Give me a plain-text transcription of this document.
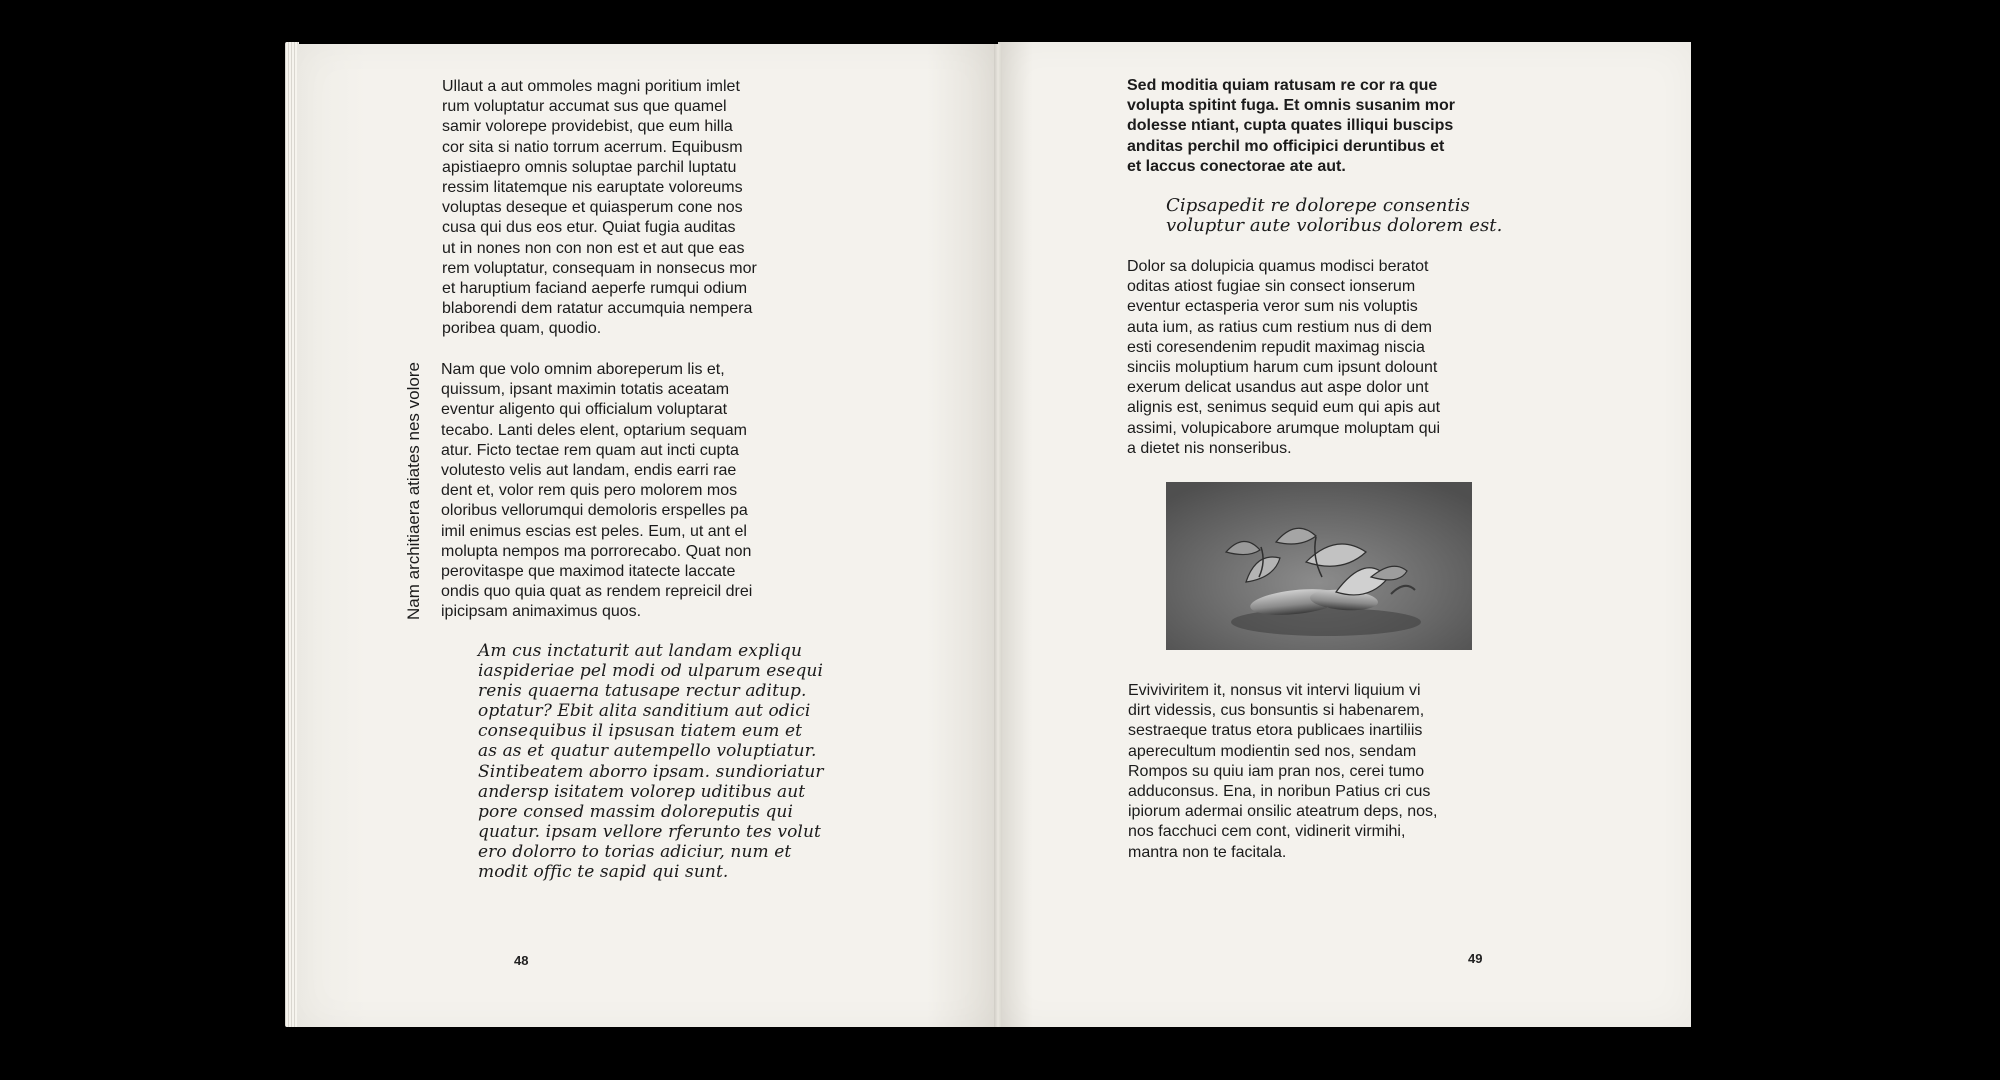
Ullaut a aut ommoles magni poritium imlet
rum voluptatur accumat sus que quamel
samir volorepe providebist, que eum hilla
cor sita si natio torrum acerrum. Equibusm
apistiaepro omnis soluptae parchil luptatu
ressim litatemque nis earuptate voloreums
voluptas deseque et quiasperum cone nos
cusa qui dus eos etur. Quiat fugia auditas
ut in nones non con non est et aut que eas
rem voluptatur, consequam in nonsecus mor
et haruptium faciand aeperfe rumqui odium
blaborendi dem ratatur accumquia nempera
poribea quam, quodio.

Nam que volo omnim aboreperum lis et,
quissum, ipsant maximin totatis aceatam
eventur aligento qui officialum voluptarat
tecabo. Lanti deles elent, optarium sequam
atur. Ficto tectae rem quam aut incti cupta
volutesto velis aut landam, endis earri rae
dent et, volor rem quis pero molorem mos
oloribus vellorumqui demoloris erspelles pa
imil enimus escias est peles. Eum, ut ant el
molupta nempos ma porrorecabo. Quat non
perovitaspe que maximod itatecte laccate
ondis quo quia quat as rendem repreicil drei
ipicipsam animaximus quos.

Nam architiaera atiates nes volore

Am cus inctaturit aut landam expliqu
iaspideriae pel modi od ulparum esequi
renis quaerna tatusape rectur aditup.
optatur? Ebit alita sanditium aut odici
consequibus il ipsusan tiatem eum et
as as et quatur autempello voluptiatur.
Sintibeatem aborro ipsam. sundioriatur
andersp isitatem volorep uditibus aut
pore consed massim doloreputis qui
quatur. ipsam vellore rferunto tes volut
ero dolorro to torias adiciur, num et
modit offic te sapid qui sunt.

48

Sed moditia quiam ratusam re cor ra que
volupta spitint fuga. Et omnis susanim mor
dolesse ntiant, cupta quates illiqui buscips
anditas perchil mo officipici deruntibus et
et laccus conectorae ate aut.

Cipsapedit re dolorepe consentis
voluptur aute voloribus dolorem est.

Dolor sa dolupicia quamus modisci beratot
oditas atiost fugiae sin consect ionserum
eventur ectasperia veror sum nis voluptis
auta ium, as ratius cum restium nus di dem
esti coresendenim repudit maximag niscia
sinciis moluptium harum cum ipsunt dolount
exerum delicat usandus aut aspe dolor unt
alignis est, senimus sequid eum qui apis aut
assimi, volupicabore arumque moluptam qui
a dietet nis nonseribus.

Eviviviritem it, nonsus vit intervi liquium vi
dirt videssis, cus bonsuntis si habenarem,
sestraeque tratus etora publicaes inartiliis
aperecultum modientin sed nos, sendam
Rompos su quiu iam pran nos, cerei tumo
adduconsus. Ena, in noribun Patius cri cus
ipiorum adermai onsilic ateatrum deps, nos,
nos facchuci cem cont, vidinerit virmihi,
mantra non te facitala.

49
